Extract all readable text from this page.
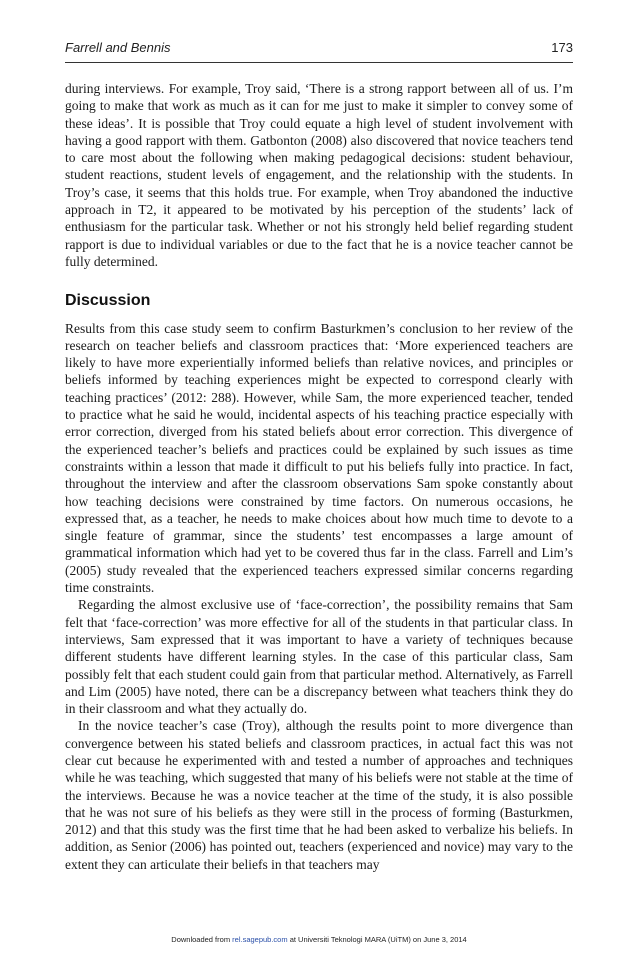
Farrell and Bennis	173

during interviews. For example, Troy said, ‘There is a strong rapport between all of us. I’m going to make that work as much as it can for me just to make it simpler to convey some of these ideas’. It is possible that Troy could equate a high level of student involvement with having a good rapport with them. Gatbonton (2008) also discovered that novice teachers tend to care most about the following when making pedagogical decisions: student behaviour, student reactions, student levels of engagement, and the relationship with the students. In Troy’s case, it seems that this holds true. For example, when Troy abandoned the inductive approach in T2, it appeared to be motivated by his perception of the students’ lack of enthusiasm for the particular task. Whether or not his strongly held belief regarding student rapport is due to individual variables or due to the fact that he is a novice teacher cannot be fully determined.

Discussion

Results from this case study seem to confirm Basturkmen’s conclusion to her review of the research on teacher beliefs and classroom practices that: ‘More experienced teachers are likely to have more experientially informed beliefs than relative novices, and principles or beliefs informed by teaching experiences might be expected to correspond clearly with teaching practices’ (2012: 288). However, while Sam, the more experienced teacher, tended to practice what he said he would, incidental aspects of his teaching practice especially with error correction, diverged from his stated beliefs about error correction. This divergence of the experienced teacher’s beliefs and practices could be explained by such issues as time constraints within a lesson that made it difficult to put his beliefs fully into practice. In fact, throughout the interview and after the classroom observations Sam spoke constantly about how teaching decisions were constrained by time factors. On numerous occasions, he expressed that, as a teacher, he needs to make choices about how much time to devote to a single feature of grammar, since the students’ test encompasses a large amount of grammatical information which had yet to be covered thus far in the class. Farrell and Lim’s (2005) study revealed that the experienced teachers expressed similar concerns regarding time constraints.

Regarding the almost exclusive use of ‘face-correction’, the possibility remains that Sam felt that ‘face-correction’ was more effective for all of the students in that particular class. In interviews, Sam expressed that it was important to have a variety of techniques because different students have different learning styles. In the case of this particular class, Sam possibly felt that each student could gain from that particular method. Alternatively, as Farrell and Lim (2005) have noted, there can be a discrepancy between what teachers think they do in their classroom and what they actually do.

In the novice teacher’s case (Troy), although the results point to more divergence than convergence between his stated beliefs and classroom practices, in actual fact this was not clear cut because he experimented with and tested a number of approaches and techniques while he was teaching, which suggested that many of his beliefs were not stable at the time of the interviews. Because he was a novice teacher at the time of the study, it is also possible that he was not sure of his beliefs as they were still in the process of forming (Basturkmen, 2012) and that this study was the first time that he had been asked to verbalize his beliefs. In addition, as Senior (2006) has pointed out, teachers (experienced and novice) may vary to the extent they can articulate their beliefs in that teachers may

Downloaded from rel.sagepub.com at Universiti Teknologi MARA (UiTM) on June 3, 2014
